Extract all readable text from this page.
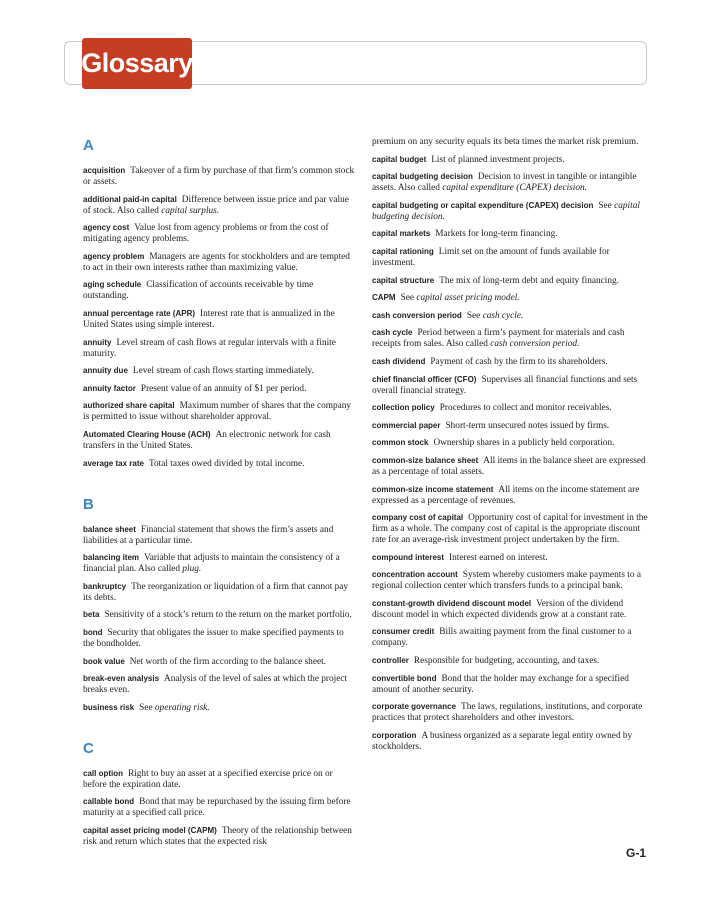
Glossary
A

acquisition Takeover of a firm by purchase of that firm’s common stock or assets.

additional paid-in capital Difference between issue price and par value of stock. Also called capital surplus.

agency cost Value lost from agency problems or from the cost of mitigating agency problems.

agency problem Managers are agents for stockholders and are tempted to act in their own interests rather than maximizing value.

aging schedule Classification of accounts receivable by time outstanding.

annual percentage rate (APR) Interest rate that is annualized in the United States using simple interest.

annuity Level stream of cash flows at regular intervals with a finite maturity.

annuity due Level stream of cash flows starting immediately.

annuity factor Present value of an annuity of $1 per period.

authorized share capital Maximum number of shares that the company is permitted to issue without shareholder approval.

Automated Clearing House (ACH) An electronic network for cash transfers in the United States.

average tax rate Total taxes owed divided by total income.

B

balance sheet Financial statement that shows the firm’s assets and liabilities at a particular time.

balancing item Variable that adjusts to maintain the consistency of a financial plan. Also called plug.

bankruptcy The reorganization or liquidation of a firm that cannot pay its debts.

beta Sensitivity of a stock’s return to the return on the market portfolio.

bond Security that obligates the issuer to make specified payments to the bondholder.

book value Net worth of the firm according to the balance sheet.

break-even analysis Analysis of the level of sales at which the project breaks even.

business risk See operating risk.

C

call option Right to buy an asset at a specified exercise price on or before the expiration date.

callable bond Bond that may be repurchased by the issuing firm before maturity at a specified call price.

capital asset pricing model (CAPM) Theory of the relationship between risk and return which states that the expected risk

premium on any security equals its beta times the market risk premium.

capital budget List of planned investment projects.

capital budgeting decision Decision to invest in tangible or intangible assets. Also called capital expenditure (CAPEX) decision.

capital budgeting or capital expenditure (CAPEX) decision See capital budgeting decision.

capital markets Markets for long-term financing.

capital rationing Limit set on the amount of funds available for investment.

capital structure The mix of long-term debt and equity financing.

CAPM See capital asset pricing model.

cash conversion period See cash cycle.

cash cycle Period between a firm’s payment for materials and cash receipts from sales. Also called cash conversion period.

cash dividend Payment of cash by the firm to its shareholders.

chief financial officer (CFO) Supervises all financial functions and sets overall financial strategy.

collection policy Procedures to collect and monitor receivables.

commercial paper Short-term unsecured notes issued by firms.

common stock Ownership shares in a publicly held corporation.

common-size balance sheet All items in the balance sheet are expressed as a percentage of total assets.

common-size income statement All items on the income statement are expressed as a percentage of revenues.

company cost of capital Opportunity cost of capital for investment in the firm as a whole. The company cost of capital is the appropriate discount rate for an average-risk investment project undertaken by the firm.

compound interest Interest earned on interest.

concentration account System whereby customers make payments to a regional collection center which transfers funds to a principal bank.

constant-growth dividend discount model Version of the dividend discount model in which expected dividends grow at a constant rate.

consumer credit Bills awaiting payment from the final customer to a company.

controller Responsible for budgeting, accounting, and taxes.

convertible bond Bond that the holder may exchange for a specified amount of another security.

corporate governance The laws, regulations, institutions, and corporate practices that protect shareholders and other investors.

corporation A business organized as a separate legal entity owned by stockholders.

G-1
